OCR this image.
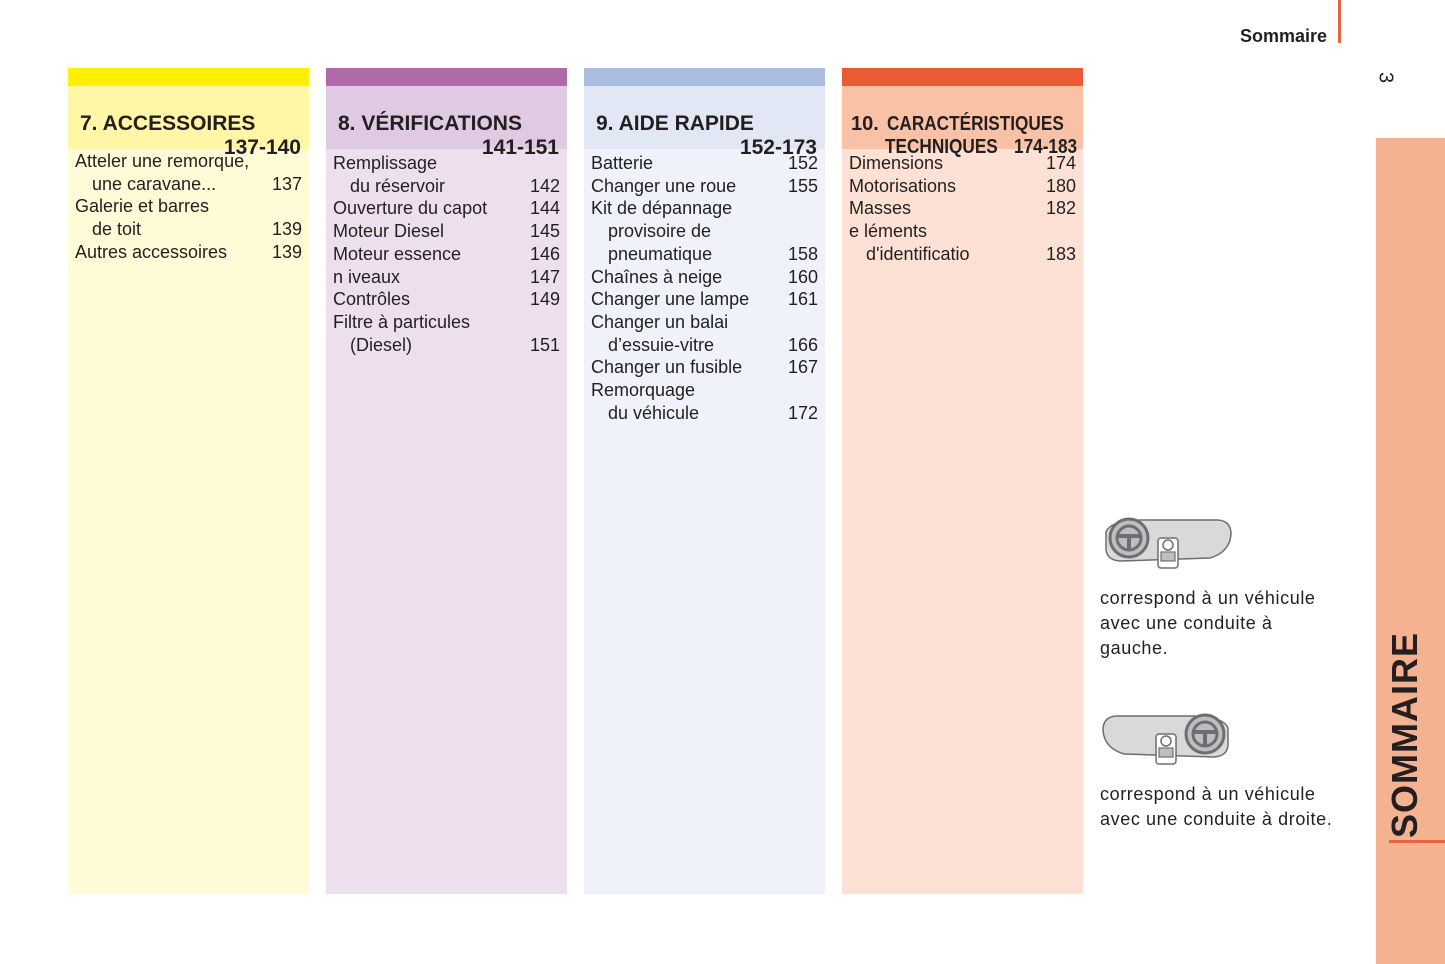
Sommaire
3
SOMMAIRE
7. ACCESSOIRES
137-140
Atteler une remorque,
une caravane...	137
Galerie et barres
de toit	139
Autres accessoires	139
8. VÉRIFICATIONS
141-151
Remplissage
du réservoir	142
Ouverture du capot	144
Moteur Diesel	145
Moteur essence	146
n iveaux	147
Contrôles	149
Filtre à particules
(Diesel)	151
9. AIDE RAPIDE
152-173
Batterie	152
Changer une roue	155
Kit de dépannage
provisoire de
pneumatique	158
Chaînes à neige	160
Changer une lampe	161
Changer un balai
d’essuie-vitre	166
Changer un fusible	167
Remorquage
du véhicule	172
10. CARACTÉRISTIQUES
TECHNIQUES 174-183
Dimensions	174
Motorisations	180
Masses	182
e léments
d'identificatio	183
correspond à un véhicule avec une conduite à gauche.
correspond à un véhicule avec une conduite à droite.
